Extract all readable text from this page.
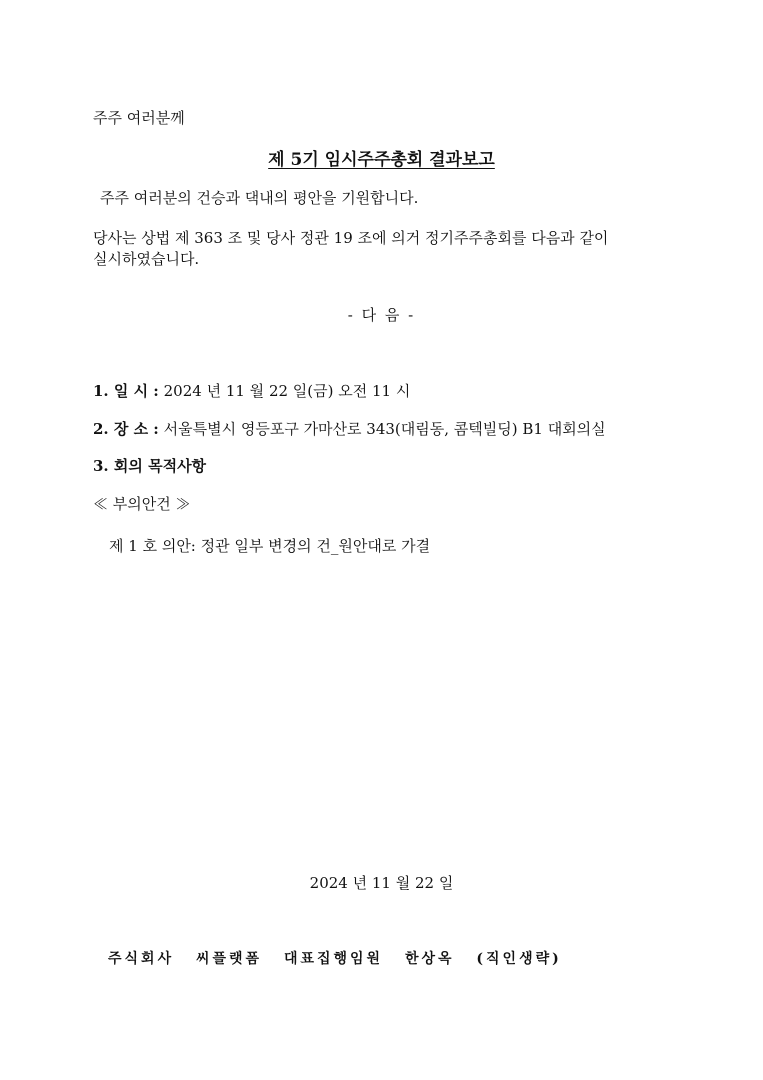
주주 여러분께
제 5기 임시주주총회 결과보고
주주 여러분의 건승과 댁내의 평안을 기원합니다.
당사는 상법 제 363 조 및 당사 정관 19 조에 의거 정기주주총회를 다음과 같이
실시하였습니다.
- 다 음 -
1. 일 시 : 2024 년 11 월 22 일(금) 오전 11 시
2. 장 소 : 서울특별시 영등포구 가마산로 343(대림동, 콤텍빌딩) B1 대회의실
3. 회의 목적사항
≪ 부의안건 ≫
제 1 호 의안: 정관 일부 변경의 건_원안대로 가결
2024 년 11 월 22 일
주식회사 씨플랫폼 대표집행임원 한상옥 (직인생략)
